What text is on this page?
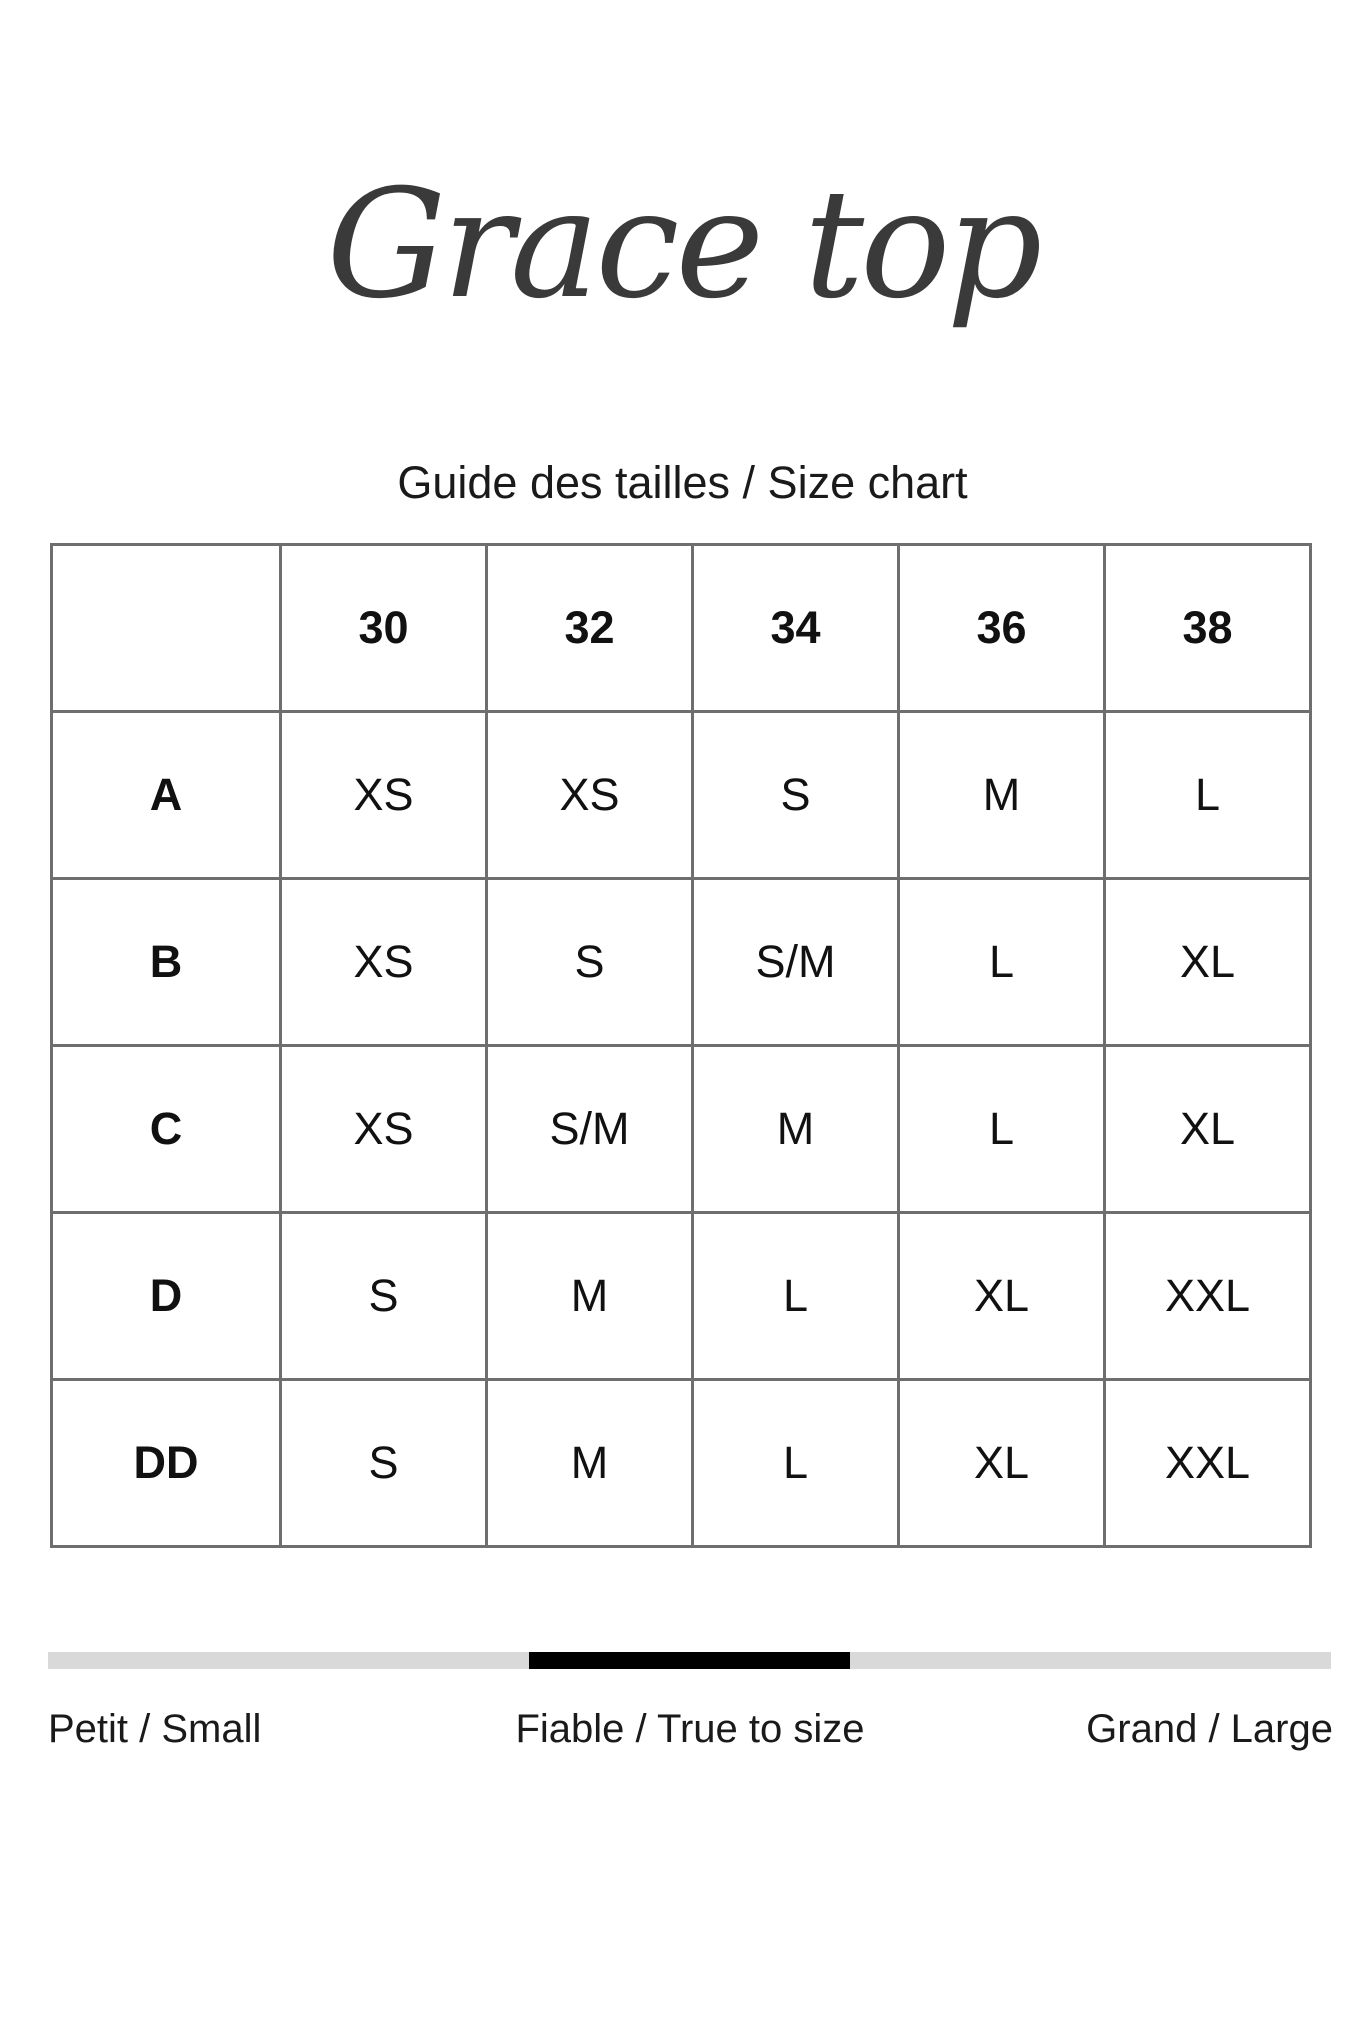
Grace top
Guide des tailles / Size chart
	30	32	34	36	38
A	XS	XS	S	M	L
B	XS	S	S/M	L	XL
C	XS	S/M	M	L	XL
D	S	M	L	XL	XXL
DD	S	M	L	XL	XXL
Petit / Small	Fiable / True to size	Grand / Large
